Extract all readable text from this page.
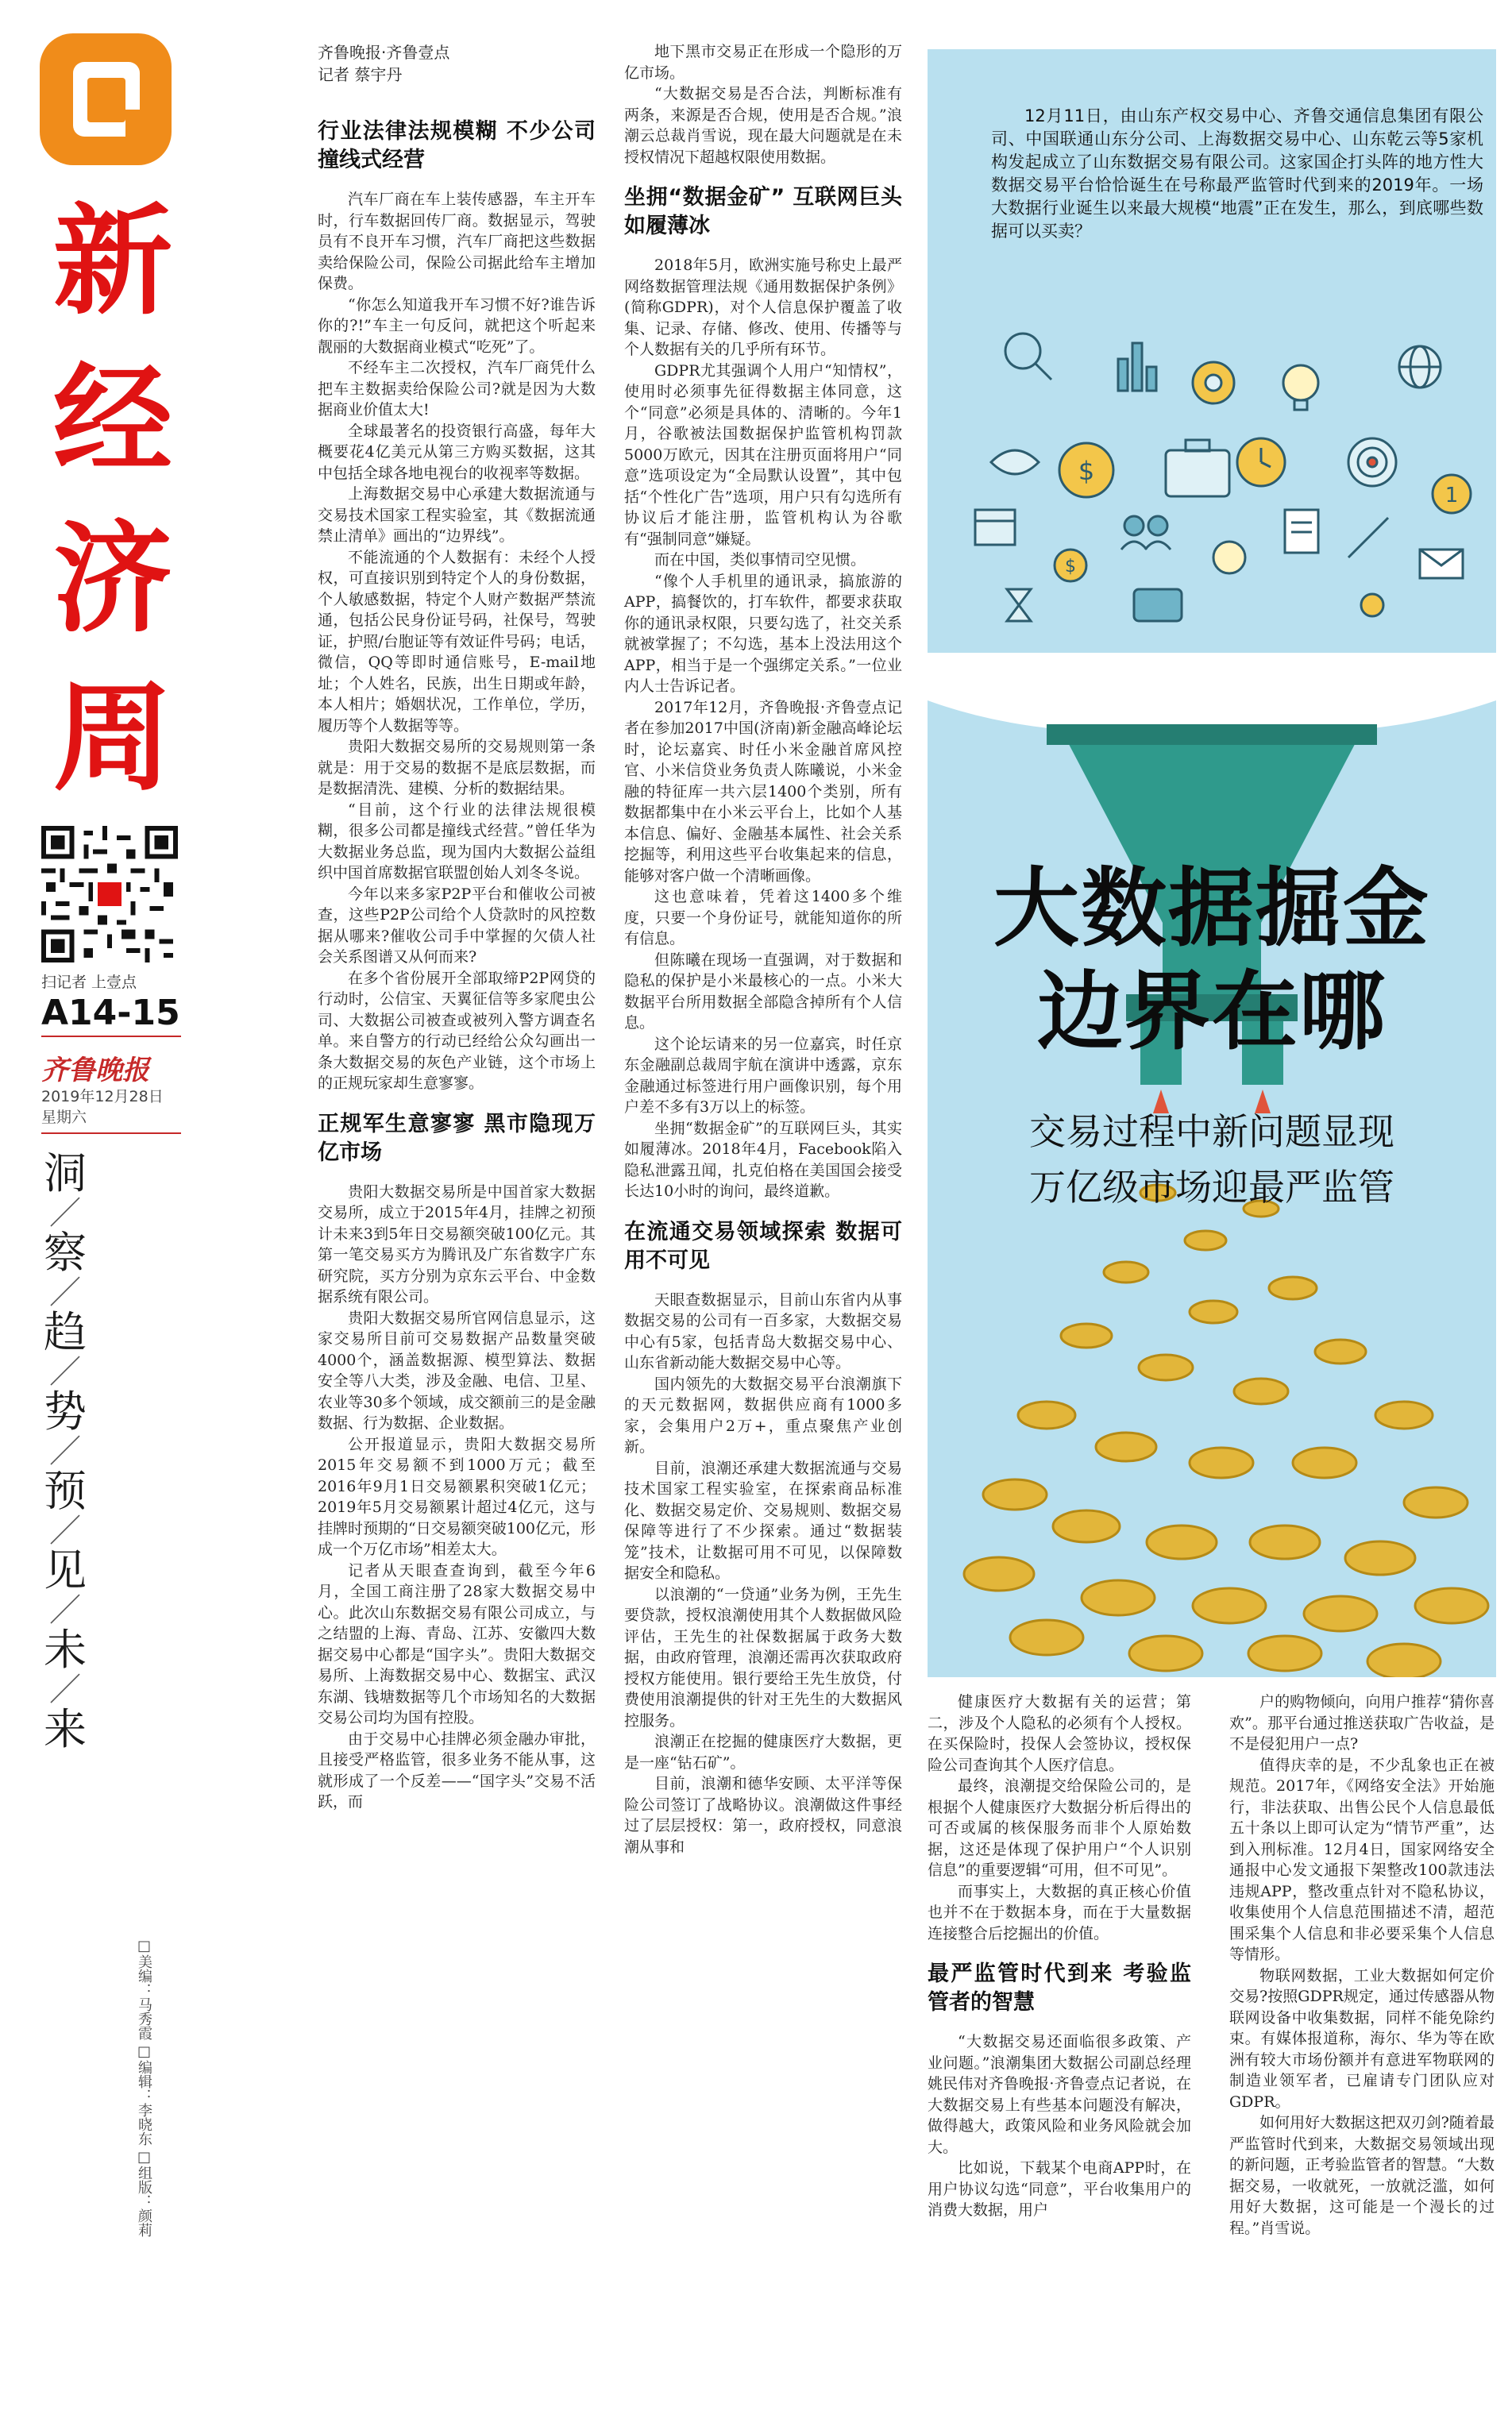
新
经
济
周
扫记者 上壹点
A14-15
齐鲁晚报
2019年12月28日
星期六
洞
／
察
／
趋
／
势
／
预
／
见
／
未
／
来
□美编：马秀霞 □编辑：李晓东 □组版：颜莉
$
1
$
12月11日，由山东产权交易中心、齐鲁交通信息集团有限公司、中国联通山东分公司、上海数据交易中心、山东乾云等5家机构发起成立了山东数据交易有限公司。这家国企打头阵的地方性大数据交易平台恰恰诞生在号称最严监管时代到来的2019年。一场大数据行业诞生以来最大规模“地震”正在发生，那么，到底哪些数据可以买卖？
大数据掘金
边界在哪
交易过程中新问题显现
万亿级市场迎最严监管

齐鲁晚报·齐鲁壹点

记者 蔡宇丹

行业法律法规模糊 不少公司撞线式经营

汽车厂商在车上装传感器，车主开车时，行车数据回传厂商。数据显示，驾驶员有不良开车习惯，汽车厂商把这些数据卖给保险公司，保险公司据此给车主增加保费。

“你怎么知道我开车习惯不好?谁告诉你的?!”车主一句反问，就把这个听起来靓丽的大数据商业模式“吃死”了。

不经车主二次授权，汽车厂商凭什么把车主数据卖给保险公司?就是因为大数据商业价值太大!

全球最著名的投资银行高盛，每年大概要花4亿美元从第三方购买数据，这其中包括全球各地电视台的收视率等数据。

上海数据交易中心承建大数据流通与交易技术国家工程实验室，其《数据流通禁止清单》画出的“边界线”。

不能流通的个人数据有：未经个人授权，可直接识别到特定个人的身份数据，个人敏感数据，特定个人财产数据严禁流通，包括公民身份证号码，社保号，驾驶证，护照/台胞证等有效证件号码；电话，微信，QQ等即时通信账号，E-mail地址；个人姓名，民族，出生日期或年龄，本人相片；婚姻状况，工作单位，学历，履历等个人数据等等。

贵阳大数据交易所的交易规则第一条就是：用于交易的数据不是底层数据，而是数据清洗、建模、分析的数据结果。

“目前，这个行业的法律法规很模糊，很多公司都是撞线式经营。”曾任华为大数据业务总监，现为国内大数据公益组织中国首席数据官联盟创始人刘冬冬说。

今年以来多家P2P平台和催收公司被查，这些P2P公司给个人贷款时的风控数据从哪来?催收公司手中掌握的欠债人社会关系图谱又从何而来?

在多个省份展开全部取缔P2P网贷的行动时，公信宝、天翼征信等多家爬虫公司、大数据公司被查或被列入警方调查名单。来自警方的行动已经给公众勾画出一条大数据交易的灰色产业链，这个市场上的正规玩家却生意寥寥。

正规军生意寥寥 黑市隐现万亿市场

贵阳大数据交易所是中国首家大数据交易所，成立于2015年4月，挂牌之初预计未来3到5年日交易额突破100亿元。其第一笔交易买方为腾讯及广东省数字广东研究院，买方分别为京东云平台、中金数据系统有限公司。

贵阳大数据交易所官网信息显示，这家交易所目前可交易数据产品数量突破4000个，涵盖数据源、模型算法、数据安全等八大类，涉及金融、电信、卫星、农业等30多个领域，成交额前三的是金融数据、行为数据、企业数据。

公开报道显示，贵阳大数据交易所2015年交易额不到1000万元；截至2016年9月1日交易额累积突破1亿元；2019年5月交易额累计超过4亿元，这与挂牌时预期的“日交易额突破100亿元，形成一个万亿市场”相差太大。

记者从天眼查查询到，截至今年6月，全国工商注册了28家大数据交易中心。此次山东数据交易有限公司成立，与之结盟的上海、青岛、江苏、安徽四大数据交易中心都是“国字头”。贵阳大数据交易所、上海数据交易中心、数据宝、武汉东湖、钱塘数据等几个市场知名的大数据交易公司均为国有控股。

由于交易中心挂牌必须金融办审批，且接受严格监管，很多业务不能从事，这就形成了一个反差——“国字头”交易不活跃，而

地下黑市交易正在形成一个隐形的万亿市场。

“大数据交易是否合法，判断标准有两条，来源是否合规，使用是否合规。”浪潮云总裁肖雪说，现在最大问题就是在未授权情况下超越权限使用数据。

坐拥“数据金矿” 互联网巨头如履薄冰

2018年5月，欧洲实施号称史上最严网络数据管理法规《通用数据保护条例》(简称GDPR)，对个人信息保护覆盖了收集、记录、存储、修改、使用、传播等与个人数据有关的几乎所有环节。

GDPR尤其强调个人用户“知情权”，使用时必须事先征得数据主体同意，这个“同意”必须是具体的、清晰的。今年1月，谷歌被法国数据保护监管机构罚款5000万欧元，因其在注册页面将用户“同意”选项设定为“全局默认设置”，其中包括“个性化广告”选项，用户只有勾选所有协议后才能注册，监管机构认为谷歌有“强制同意”嫌疑。

而在中国，类似事情司空见惯。

“像个人手机里的通讯录，搞旅游的APP，搞餐饮的，打车软件，都要求获取你的通讯录权限，只要勾选了，社交关系就被掌握了；不勾选，基本上没法用这个APP，相当于是一个强绑定关系。”一位业内人士告诉记者。

2017年12月，齐鲁晚报·齐鲁壹点记者在参加2017中国(济南)新金融高峰论坛时，论坛嘉宾、时任小米金融首席风控官、小米信贷业务负责人陈曦说，小米金融的特征库一共六层1400个类别，所有数据都集中在小米云平台上，比如个人基本信息、偏好、金融基本属性、社会关系挖掘等，利用这些平台收集起来的信息，能够对客户做一个清晰画像。

这也意味着，凭着这1400多个维度，只要一个身份证号，就能知道你的所有信息。

但陈曦在现场一直强调，对于数据和隐私的保护是小米最核心的一点。小米大数据平台所用数据全部隐含掉所有个人信息。

这个论坛请来的另一位嘉宾，时任京东金融副总裁周宇航在演讲中透露，京东金融通过标签进行用户画像识别，每个用户差不多有3万以上的标签。

坐拥“数据金矿”的互联网巨头，其实如履薄冰。2018年4月，Facebook陷入隐私泄露丑闻，扎克伯格在美国国会接受长达10小时的询问，最终道歉。

在流通交易领域探索 数据可用不可见

天眼查数据显示，目前山东省内从事数据交易的公司有一百多家，大数据交易中心有5家，包括青岛大数据交易中心、山东省新动能大数据交易中心等。

国内领先的大数据交易平台浪潮旗下的天元数据网，数据供应商有1000多家，会集用户2万+，重点聚焦产业创新。

目前，浪潮还承建大数据流通与交易技术国家工程实验室，在探索商品标准化、数据交易定价、交易规则、数据交易保障等进行了不少探索。通过“数据装笼”技术，让数据可用不可见，以保障数据安全和隐私。

以浪潮的“一贷通”业务为例，王先生要贷款，授权浪潮使用其个人数据做风险评估，王先生的社保数据属于政务大数据，由政府管理，浪潮还需再次获取政府授权方能使用。银行要给王先生放贷，付费使用浪潮提供的针对王先生的大数据风控服务。

浪潮正在挖掘的健康医疗大数据，更是一座“钻石矿”。

目前，浪潮和德华安顾、太平洋等保险公司签订了战略协议。浪潮做这件事经过了层层授权：第一，政府授权，同意浪潮从事和

健康医疗大数据有关的运营；第二，涉及个人隐私的必须有个人授权。在买保险时，投保人会签协议，授权保险公司查询其个人医疗信息。

最终，浪潮提交给保险公司的，是根据个人健康医疗大数据分析后得出的可否或属的核保服务而非个人原始数据，这还是体现了保护用户“个人识别信息”的重要逻辑“可用，但不可见”。

而事实上，大数据的真正核心价值也并不在于数据本身，而在于大量数据连接整合后挖掘出的价值。

最严监管时代到来 考验监管者的智慧

“大数据交易还面临很多政策、产业问题。”浪潮集团大数据公司副总经理姚民伟对齐鲁晚报·齐鲁壹点记者说，在大数据交易上有些基本问题没有解决，做得越大，政策风险和业务风险就会加大。

比如说，下载某个电商APP时，在用户协议勾选“同意”，平台收集用户的消费大数据，用户

户的购物倾向，向用户推荐“猜你喜欢”。那平台通过推送获取广告收益，是不是侵犯用户一点?

值得庆幸的是，不少乱象也正在被规范。2017年，《网络安全法》开始施行，非法获取、出售公民个人信息最低五十条以上即可认定为“情节严重”，达到入刑标准。12月4日，国家网络安全通报中心发文通报下架整改100款违法违规APP，整改重点针对不隐私协议，收集使用个人信息范围描述不清，超范围采集个人信息和非必要采集个人信息等情形。

物联网数据，工业大数据如何定价交易?按照GDPR规定，通过传感器从物联网设备中收集数据，同样不能免除约束。有媒体报道称，海尔、华为等在欧洲有较大市场份额并有意进军物联网的制造业领军者，已雇请专门团队应对GDPR。

如何用好大数据这把双刃剑?随着最严监管时代到来，大数据交易领域出现的新问题，正考验监管者的智慧。“大数据交易，一收就死，一放就泛滥，如何用好大数据，这可能是一个漫长的过程。”肖雪说。
